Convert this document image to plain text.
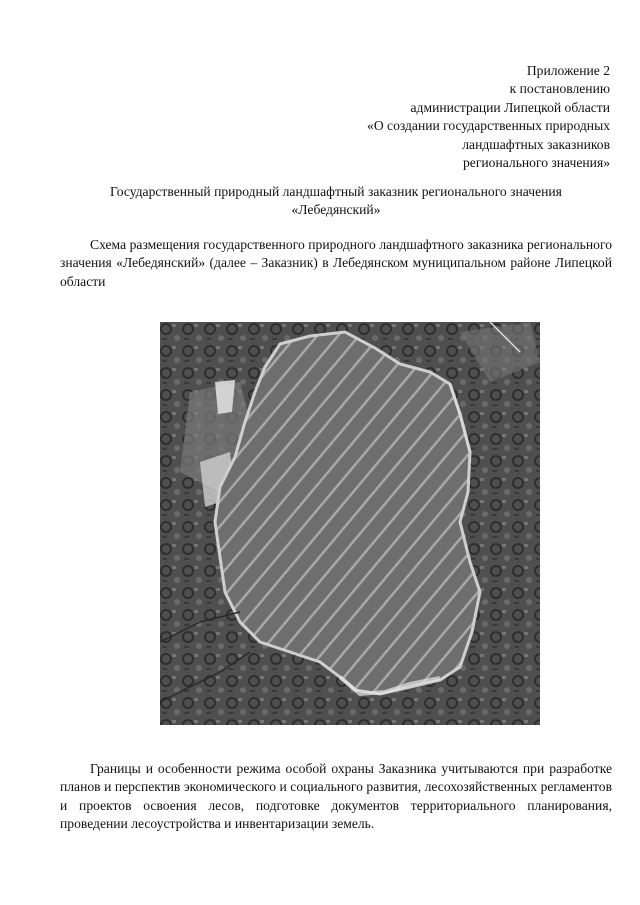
Приложение 2
к постановлению
администрации Липецкой области
«О создании государственных природных
ландшафтных заказников
регионального значения»
Государственный природный ландшафтный заказник регионального значения
«Лебедянский»

Схема размещения государственного природного ландшафтного заказника регионального значения «Лебедянский» (далее – Заказник) в Лебедянском муниципальном районе Липецкой области

Границы и особенности режима особой охраны Заказника учитываются при разработке планов и перспектив экономического и социального развития, лесохозяйственных регламентов и проектов освоения лесов, подготовке документов территориального планирования, проведении лесоустройства и инвентаризации земель.
